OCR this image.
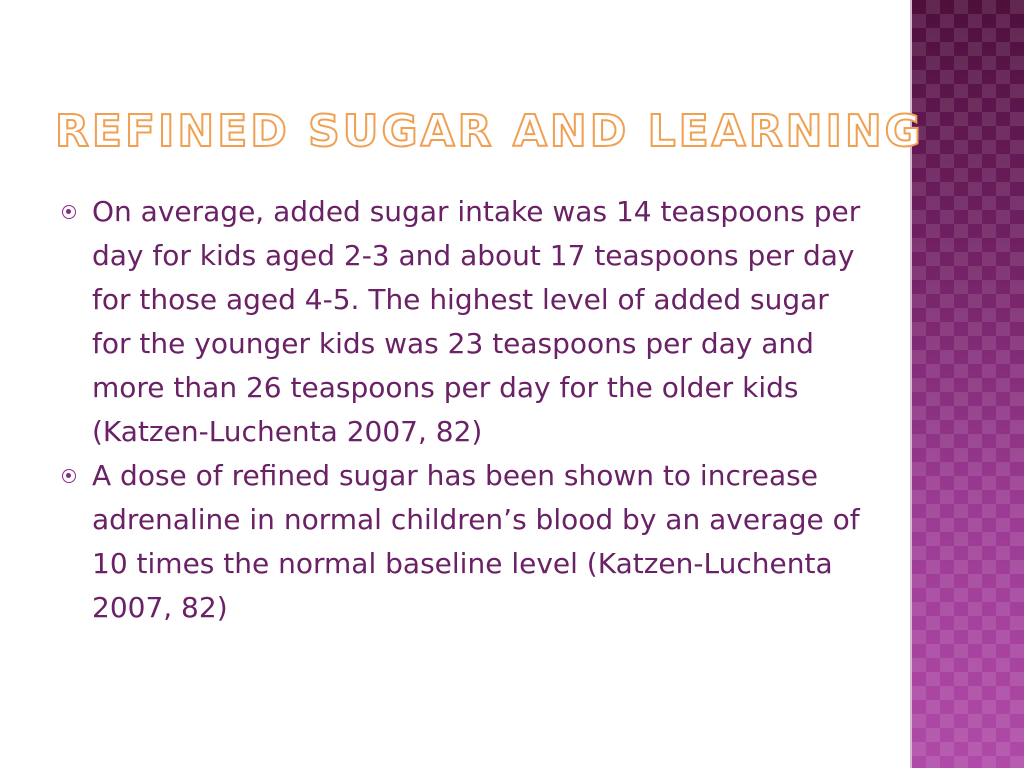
REFINED SUGAR AND LEARNING
On average, added sugar intake was 14 teaspoons per day for kids aged 2-3 and about 17 teaspoons per day for those aged 4-5. The highest level of added sugar for the younger kids was 23 teaspoons per day and more than 26 teaspoons per day for the older kids (Katzen-Luchenta 2007, 82)
A dose of refined sugar has been shown to increase adrenaline in normal children’s blood by an average of 10 times the normal baseline level (Katzen-Luchenta 2007, 82)
